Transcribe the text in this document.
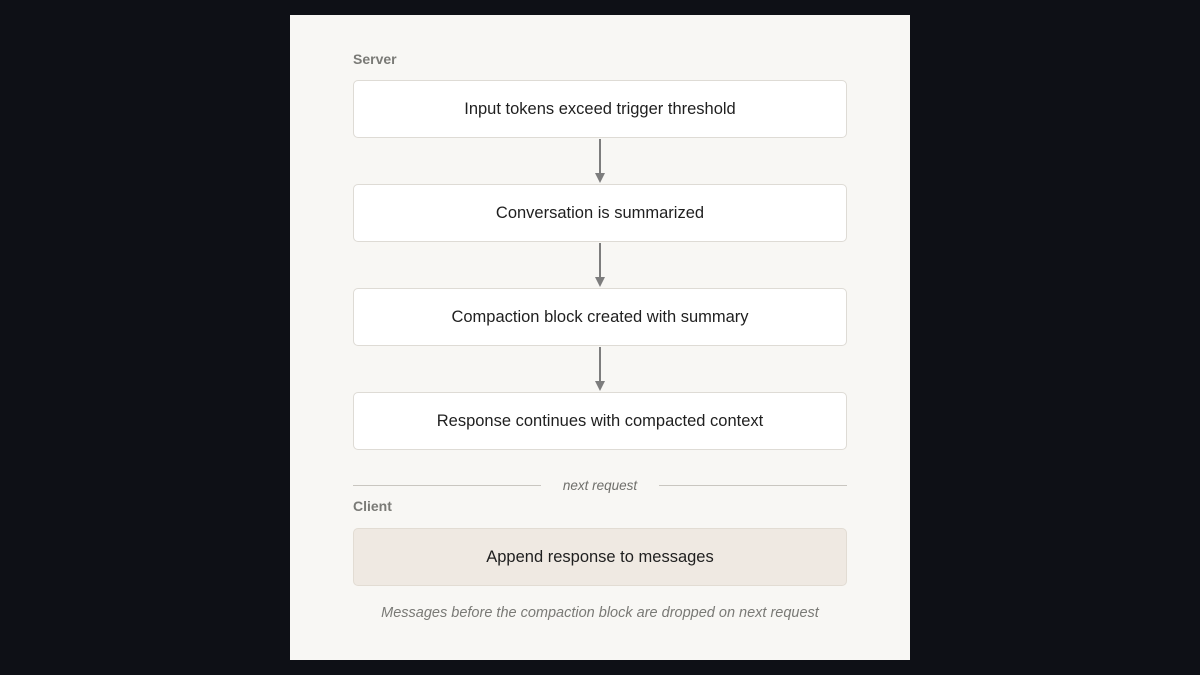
Server
Input tokens exceed trigger threshold
Conversation is summarized
Compaction block created with summary
Response continues with compacted context
next request
Client
Append response to messages
Messages before the compaction block are dropped on next request
